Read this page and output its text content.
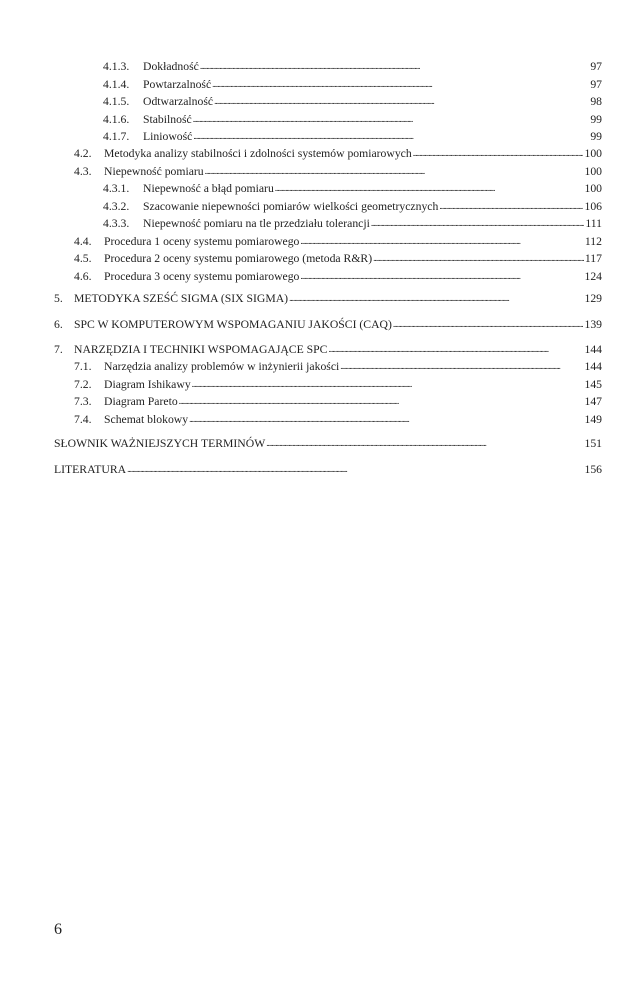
4.1.3.	Dokładność . . .	97
4.1.4.	Powtarzalność . . .	97
4.1.5.	Odtwarzalność . . .	98
4.1.6.	Stabilność . . .	99
4.1.7.	Liniowość . . .	99
4.2.	Metodyka analizy stabilności i zdolności systemów pomiarowych . . .	100
4.3.	Niepewność pomiaru . . .	100
4.3.1.	Niepewność a błąd pomiaru . . .	100
4.3.2.	Szacowanie niepewności pomiarów wielkości geometrycznych . . .	106
4.3.3.	Niepewność pomiaru na tle przedziału tolerancji . . .	111
4.4.	Procedura 1 oceny systemu pomiarowego . . .	112
4.5.	Procedura 2 oceny systemu pomiarowego (metoda R&R) . . .	117
4.6.	Procedura 3 oceny systemu pomiarowego . . .	124
5. METODYKA SZEŚĆ SIGMA (SIX SIGMA) . . .	129
6. SPC W KOMPUTEROWYM WSPOMAGANIU JAKOŚCI (CAQ) . . .	139
7. NARZĘDZIA I TECHNIKI WSPOMAGAJĄCE SPC . . .	144
7.1.	Narzędzia analizy problemów w inżynierii jakości . . .	144
7.2.	Diagram Ishikawy . . .	145
7.3.	Diagram Pareto . . .	147
7.4.	Schemat blokowy . . .	149
SŁOWNIK WAŻNIEJSZYCH TERMINÓW . . .	151
LITERATURA . . .	156
6
